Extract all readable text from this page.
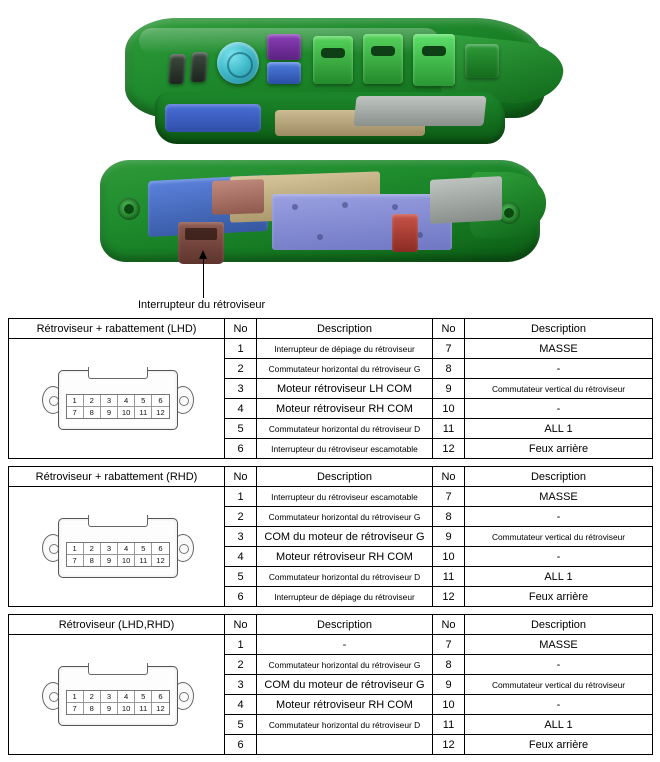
Interrupteur du rétroviseur
Rétroviseur + rabattement (LHD)	No	Description	No	Description

1	2	3	4	5	6
7	8	9	10	11	12
	1	Interrupteur de dépiage du rétroviseur	7	MASSE
	2	Commutateur horizontal du rétroviseur G	8	-
	3	Moteur rétroviseur LH COM	9	Commutateur vertical du rétroviseur
	4	Moteur rétroviseur RH COM	10	-
	5	Commutateur horizontal du rétroviseur D	11	ALL 1
	6	Interrupteur du rétroviseur escamotable	12	Feux arrière
Rétroviseur + rabattement (RHD)	No	Description	No	Description

1	2	3	4	5	6
7	8	9	10	11	12
	1	Interrupteur du rétroviseur escamotable	7	MASSE
	2	Commutateur horizontal du rétroviseur G	8	-
	3	COM du moteur de rétroviseur G	9	Commutateur vertical du rétroviseur
	4	Moteur rétroviseur RH COM	10	-
	5	Commutateur horizontal du rétroviseur D	11	ALL 1
	6	Interrupteur de dépiage du rétroviseur	12	Feux arrière
Rétroviseur (LHD,RHD)	No	Description	No	Description

1	2	3	4	5	6
7	8	9	10	11	12
	1	-	7	MASSE
	2	Commutateur horizontal du rétroviseur G	8	-
	3	COM du moteur de rétroviseur G	9	Commutateur vertical du rétroviseur
	4	Moteur rétroviseur RH COM	10	-
	5	Commutateur horizontal du rétroviseur D	11	ALL 1
	6		12	Feux arrière
